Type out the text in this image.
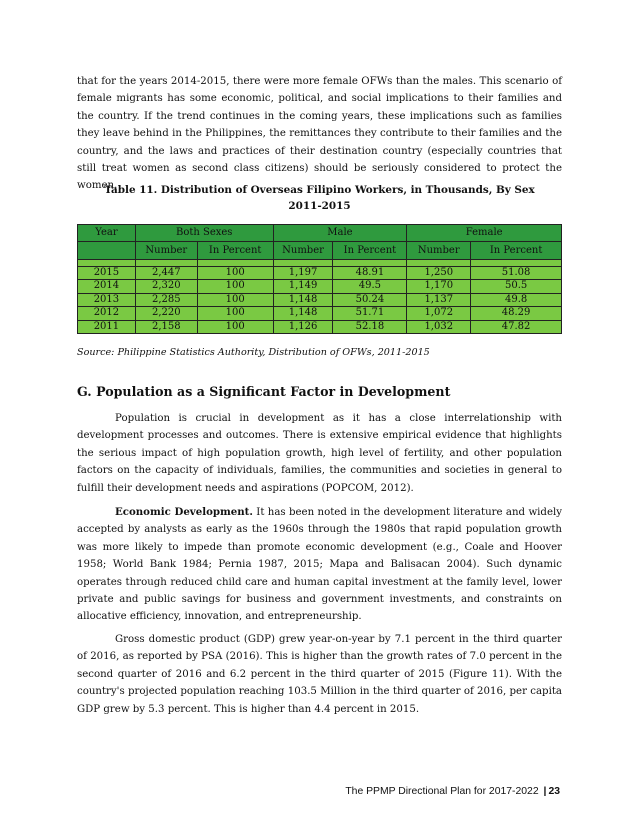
that for the years 2014-2015, there were more female OFWs than the males. This scenario of female migrants has some economic, political, and social implications to their families and the country. If the trend continues in the coming years, these implications such as families they leave behind in the Philippines, the remittances they contribute to their families and the country, and the laws and practices of their destination country (especially countries that still treat women as second class citizens) should be seriously considered to protect the women.

Table 11. Distribution of Overseas Filipino Workers, in Thousands, By Sex
2011-2015
Year	Both Sexes		Male		Female	
	Number	In Percent	Number	In Percent	Number	In Percent

2015	2,447	100	1,197	48.91	1,250	51.08
2014	2,320	100	1,149	49.5	1,170	50.5
2013	2,285	100	1,148	50.24	1,137	49.8
2012	2,220	100	1,148	51.71	1,072	48.29
2011	2,158	100	1,126	52.18	1,032	47.82
Source: Philippine Statistics Authority, Distribution of OFWs, 2011-2015
G. Population as a Significant Factor in Development

Population is crucial in development as it has a close interrelationship with development processes and outcomes. There is extensive empirical evidence that highlights the serious impact of high population growth, high level of fertility, and other population factors on the capacity of individuals, families, the communities and societies in general to fulfill their development needs and aspirations (POPCOM, 2012).

Economic Development. It has been noted in the development literature and widely accepted by analysts as early as the 1960s through the 1980s that rapid population growth was more likely to impede than promote economic development (e.g., Coale and Hoover 1958; World Bank 1984; Pernia 1987, 2015; Mapa and Balisacan 2004). Such dynamic operates through reduced child care and human capital investment at the family level, lower private and public savings for business and government investments, and constraints on allocative efficiency, innovation, and entrepreneurship.

Gross domestic product (GDP) grew year-on-year by 7.1 percent in the third quarter of 2016, as reported by PSA (2016). This is higher than the growth rates of 7.0 percent in the second quarter of 2016 and 6.2 percent in the third quarter of 2015 (Figure 11). With the country's projected population reaching 103.5 Million in the third quarter of 2016, per capita GDP grew by 5.3 percent. This is higher than 4.4 percent in 2015.

The PPMP Directional Plan for 2017-2022 | 23
